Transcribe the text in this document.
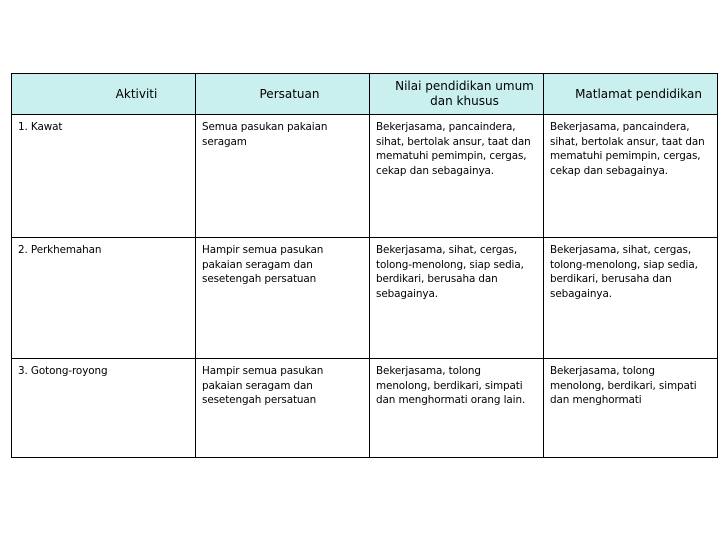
Aktiviti	Persatuan	Nilai pendidikan umum dan khusus	Matlamat pendidikan

1. Kawat	Semua pasukan pakaian seragam	Bekerjasama, pancaindera, sihat, bertolak ansur, taat dan mematuhi pemimpin, cergas, cekap dan sebagainya.	Bekerjasama, pancaindera, sihat, bertolak ansur, taat dan mematuhi pemimpin, cergas, cekap dan sebagainya.

2. Perkhemahan	Hampir semua pasukan pakaian seragam dan sesetengah persatuan	Bekerjasama, sihat, cergas, tolong-menolong, siap sedia, berdikari, berusaha dan sebagainya.	Bekerjasama, sihat, cergas, tolong-menolong, siap sedia, berdikari, berusaha dan sebagainya.

3. Gotong-royong	Hampir semua pasukan pakaian seragam dan sesetengah persatuan	Bekerjasama, tolong menolong, berdikari, simpati dan menghormati orang lain.	Bekerjasama, tolong menolong, berdikari, simpati dan menghormati
